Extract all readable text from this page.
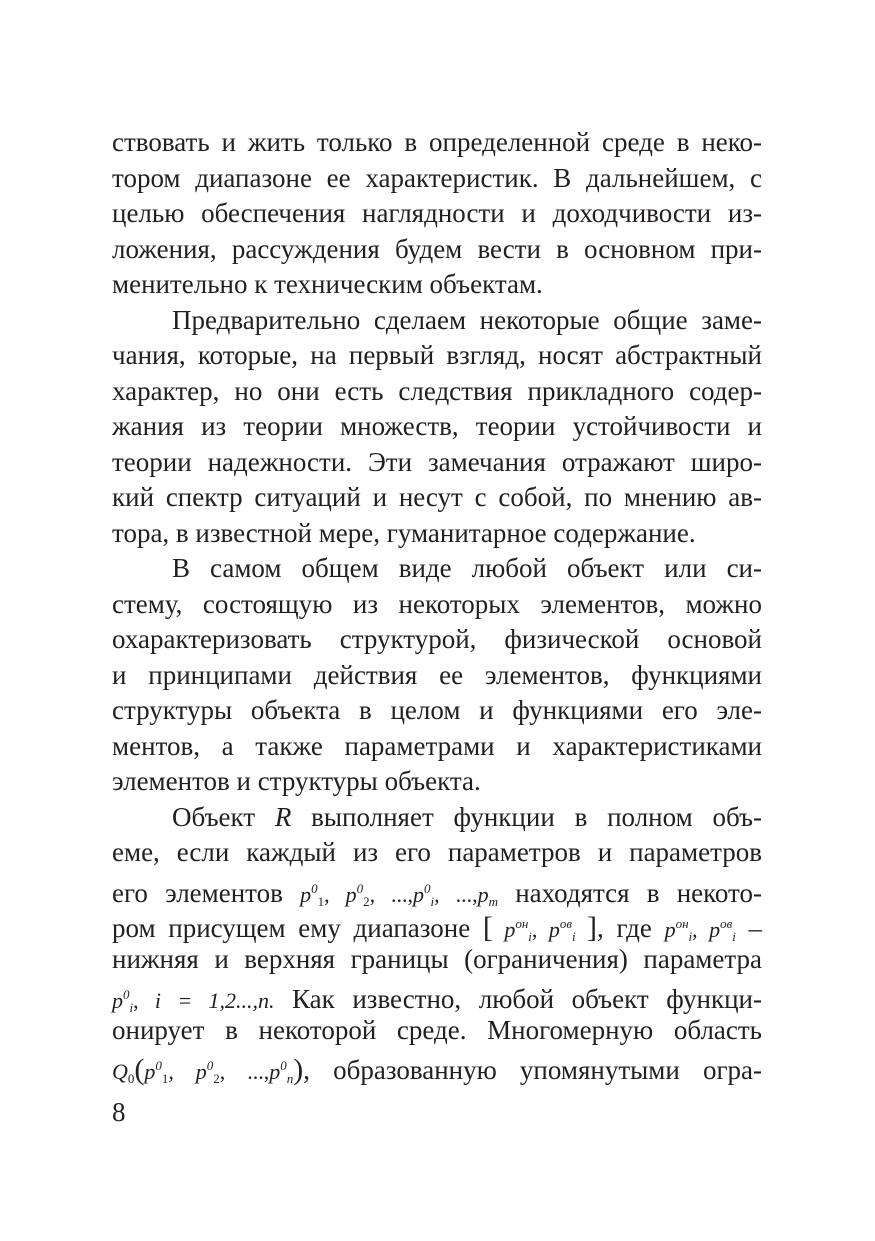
ствовать и жить только в определенной среде в неко-
тором диапазоне ее характеристик. В дальнейшем, с
целью обеспечения наглядности и доходчивости из-
ложения, рассуждения будем вести в основном при-
менительно к техническим объектам.
Предварительно сделаем некоторые общие заме-
чания, которые, на первый взгляд, носят абстрактный
характер, но они есть следствия прикладного содер-
жания из теории множеств, теории устойчивости и
теории надежности. Эти замечания отражают широ-
кий спектр ситуаций и несут с собой, по мнению ав-
тора, в известной мере, гуманитарное содержание.
В самом общем виде любой объект или си-
стему, состоящую из некоторых элементов, можно
охарактеризовать структурой, физической основой
и принципами действия ее элементов, функциями
структуры объекта в целом и функциями его эле-
ментов, а также параметрами и характеристиками
элементов и структуры объекта.
Объект R выполняет функции в полном объ-
еме, если каждый из его параметров и параметров
его элементов $p^0_1$, $p^0_2$, $...,p^0_i$, $...,p_m$ находятся в некото-
ром присущем ему диапазоне [ $p^{он}_i$, $p^{ов}_i$ ], где $p^{он}_i$, $p^{ов}_i$ –
нижняя и верхняя границы (ограничения) параметра
$p^0_i$, i = 1,2...,n. Как известно, любой объект функци-
онирует в некоторой среде. Многомерную область
$Q_0(p^0_1$, $p^0_2$, $...,p^0_n$), образованную упомянутыми огра-
8
